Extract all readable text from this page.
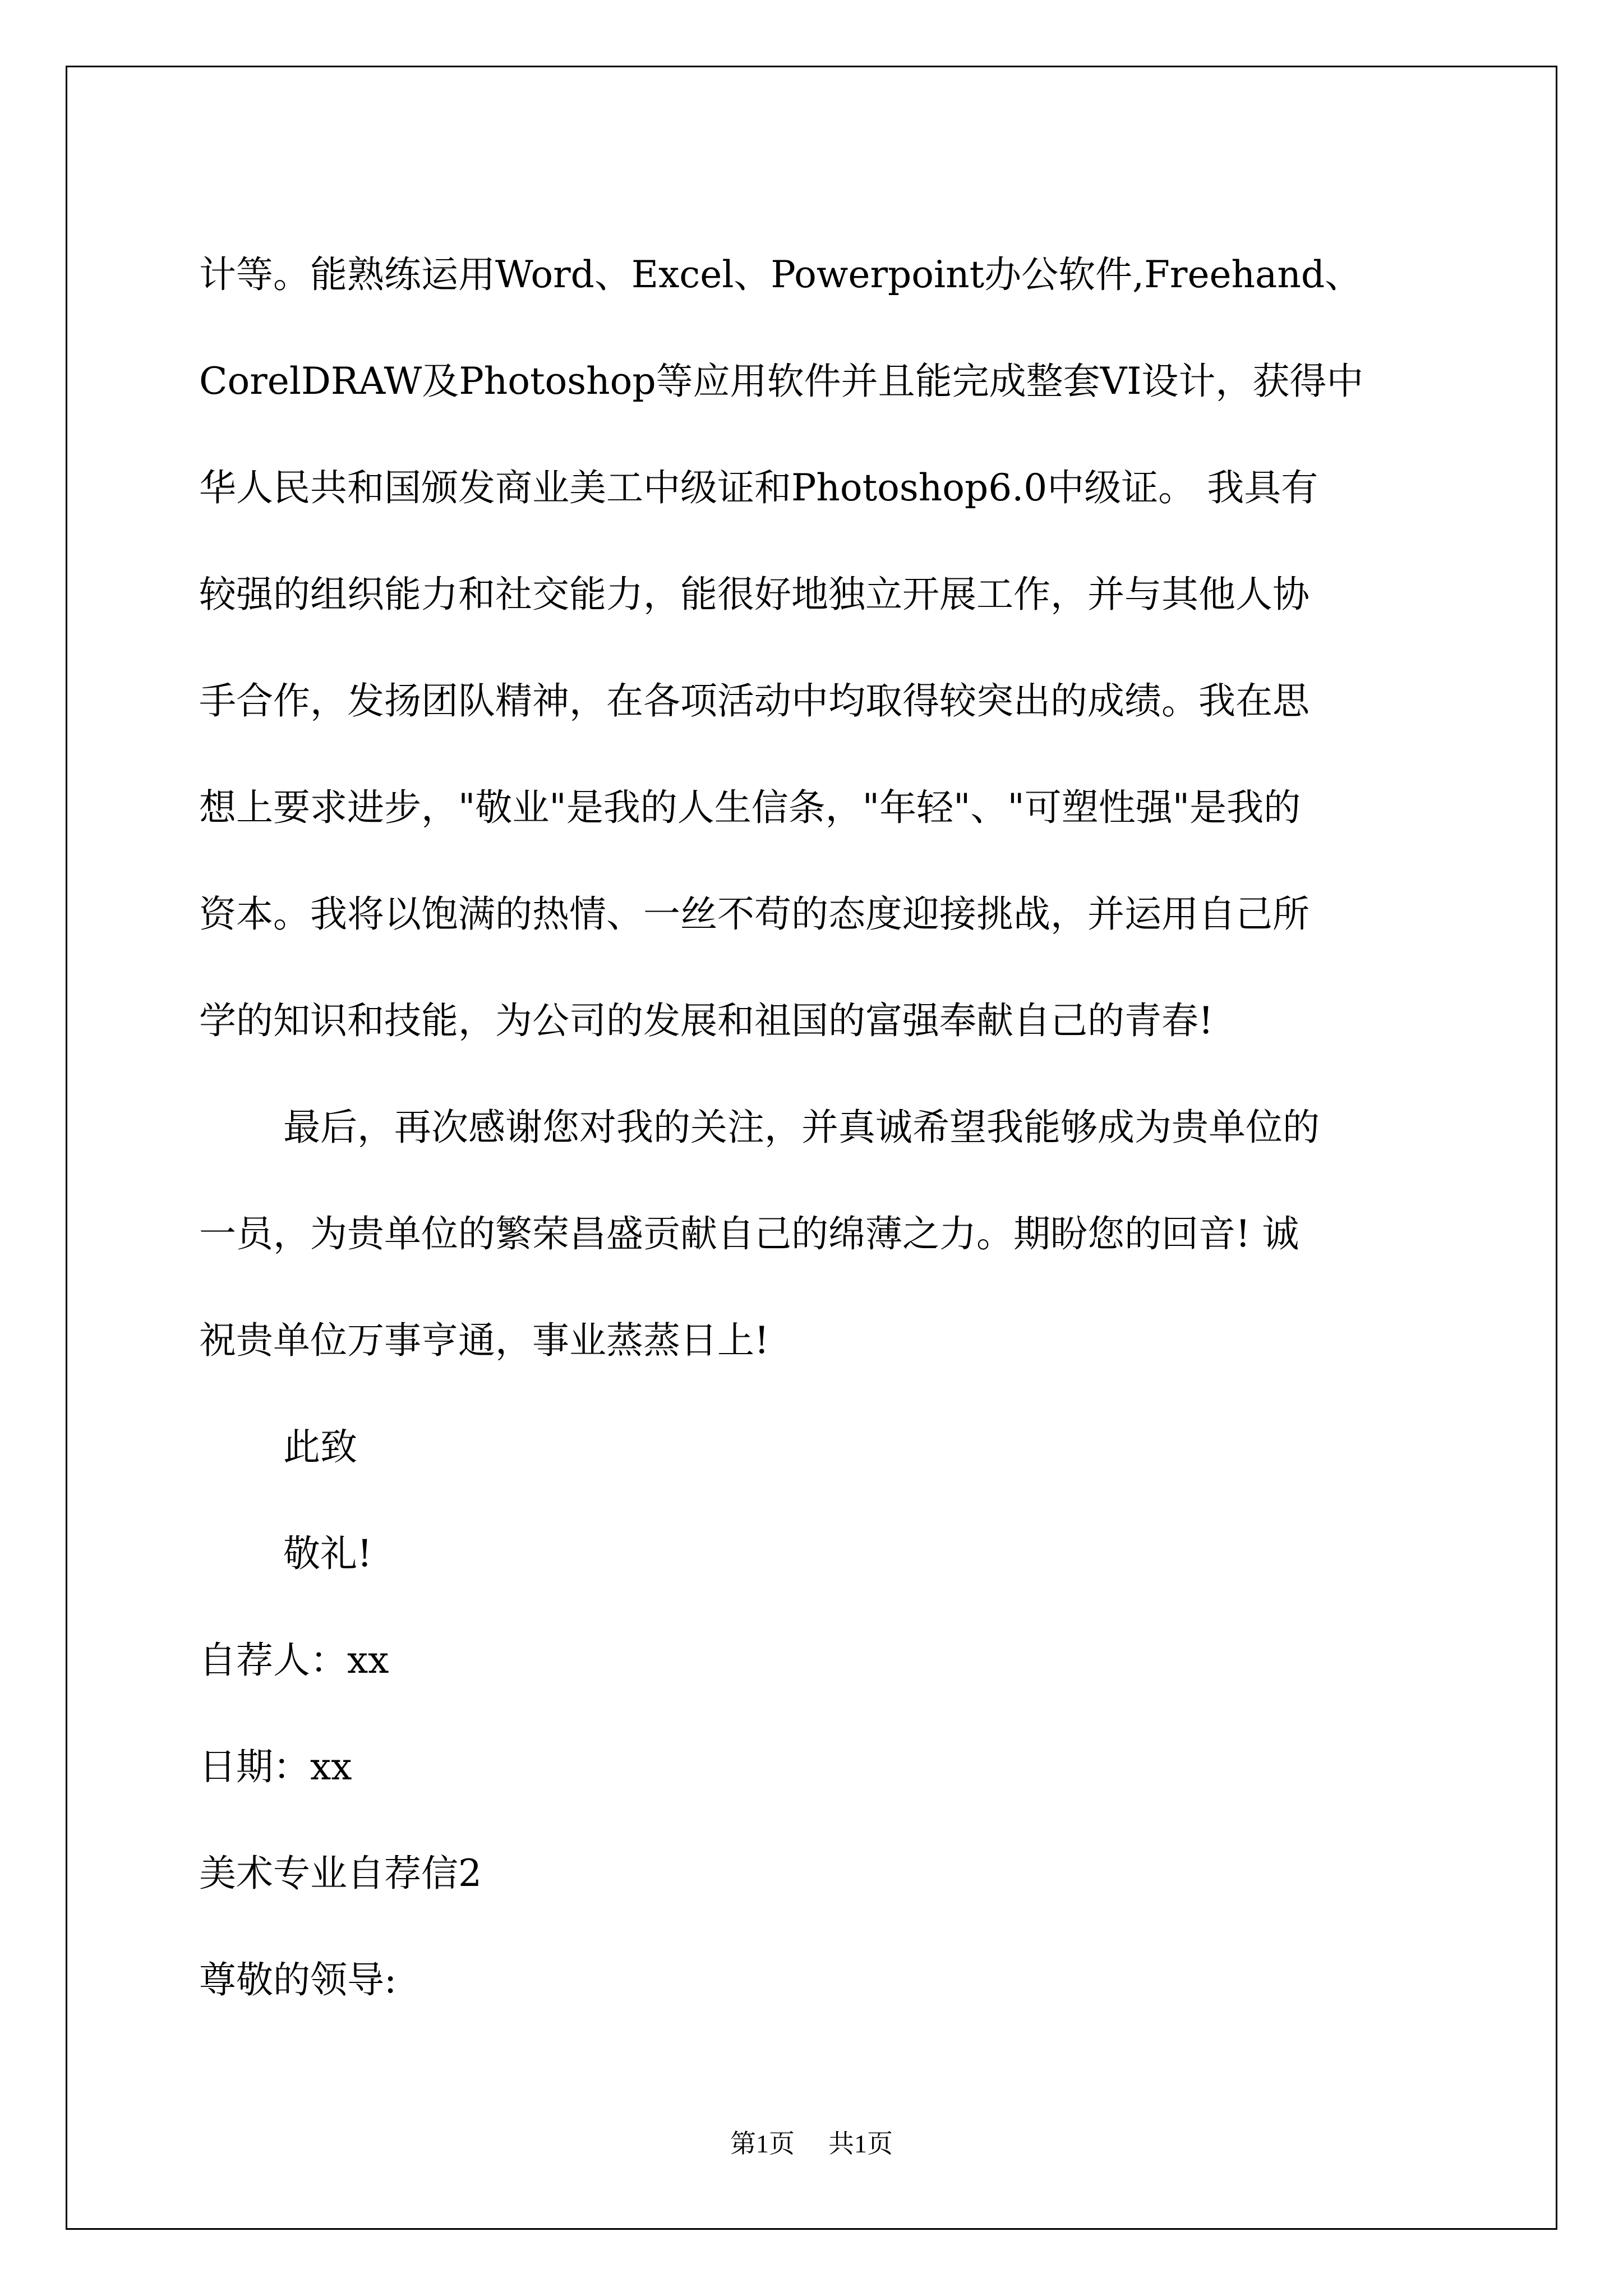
计等。能熟练运用Word、Excel、Powerpoint办公软件,Freehand、
CorelDRAW及Photoshop等应用软件并且能完成整套VI设计，获得中
华人民共和国颁发商业美工中级证和Photoshop6.0中级证。 我具有
较强的组织能力和社交能力，能很好地独立开展工作，并与其他人协
手合作，发扬团队精神，在各项活动中均取得较突出的成绩。我在思
想上要求进步，"敬业"是我的人生信条，"年轻"、"可塑性强"是我的
资本。我将以饱满的热情、一丝不苟的态度迎接挑战，并运用自己所
学的知识和技能，为公司的发展和祖国的富强奉献自己的青春!
最后，再次感谢您对我的关注，并真诚希望我能够成为贵单位的
一员，为贵单位的繁荣昌盛贡献自己的绵薄之力。期盼您的回音! 诚
祝贵单位万事亨通，事业蒸蒸日上!
此致
敬礼!
自荐人：xx
日期：xx
美术专业自荐信2
尊敬的领导:
第1页 共1页
